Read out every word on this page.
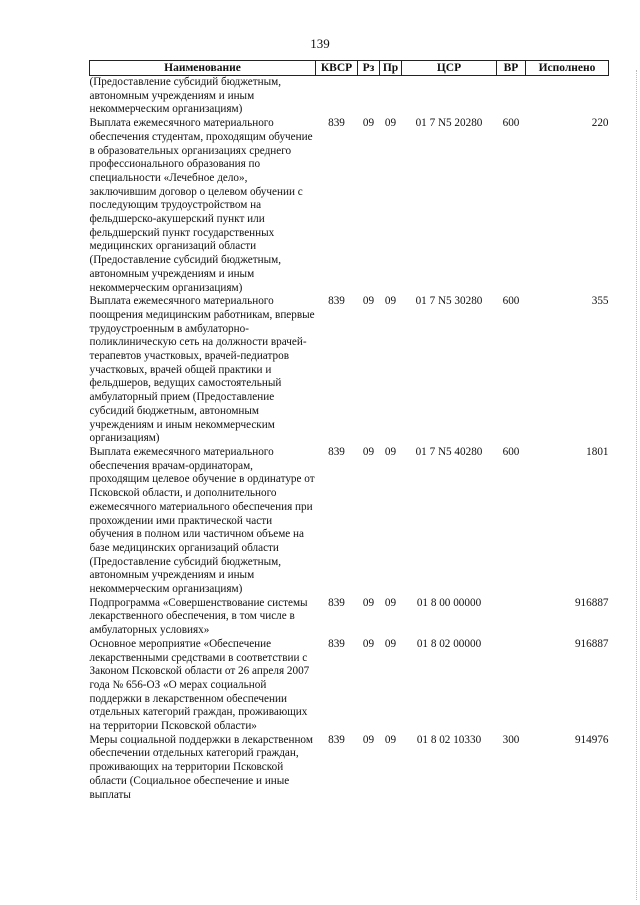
139
Наименование	КВСР	Рз	Пр	ЦСР	ВР	Исполнено
(Предоставление субсидий бюджетным, автономным учреждениям и иным некоммерческим организациям)						
Выплата ежемесячного материального обеспечения студентам, проходящим обучение в образовательных организациях среднего профессионального образования по специальности «Лечебное дело», заключившим договор о целевом обучении с последующим трудоустройством на фельдшерско-акушерский пункт или фельдшерский пункт государственных медицинских организаций области (Предоставление субсидий бюджетным, автономным учреждениям и иным некоммерческим организациям)	839	09	09	01 7 N5 20280	600	220
Выплата ежемесячного материального поощрения медицинским работникам, впервые трудоустроенным в амбулаторно-поликлиническую сеть на должности врачей-терапевтов участковых, врачей-педиатров участковых, врачей общей практики и фельдшеров, ведущих самостоятельный амбулаторный прием (Предоставление субсидий бюджетным, автономным учреждениям и иным некоммерческим организациям)	839	09	09	01 7 N5 30280	600	355
Выплата ежемесячного материального обеспечения врачам-ординаторам, проходящим целевое обучение в ординатуре от Псковской области, и дополнительного ежемесячного материального обеспечения при прохождении ими практической части обучения в полном или частичном объеме на базе медицинских организаций области (Предоставление субсидий бюджетным, автономным учреждениям и иным некоммерческим организациям)	839	09	09	01 7 N5 40280	600	1801
Подпрограмма «Совершенствование системы лекарственного обеспечения, в том числе в амбулаторных условиях»	839	09	09	01 8 00 00000		916887
Основное мероприятие «Обеспечение лекарственными средствами в соответствии с Законом Псковской области от 26 апреля 2007 года № 656-ОЗ «О мерах социальной поддержки в лекарственном обеспечении отдельных категорий граждан, проживающих на территории Псковской области»	839	09	09	01 8 02 00000		916887
Меры социальной поддержки в лекарственном обеспечении отдельных категорий граждан, проживающих на территории Псковской области (Социальное обеспечение и иные выплаты	839	09	09	01 8 02 10330	300	914976
